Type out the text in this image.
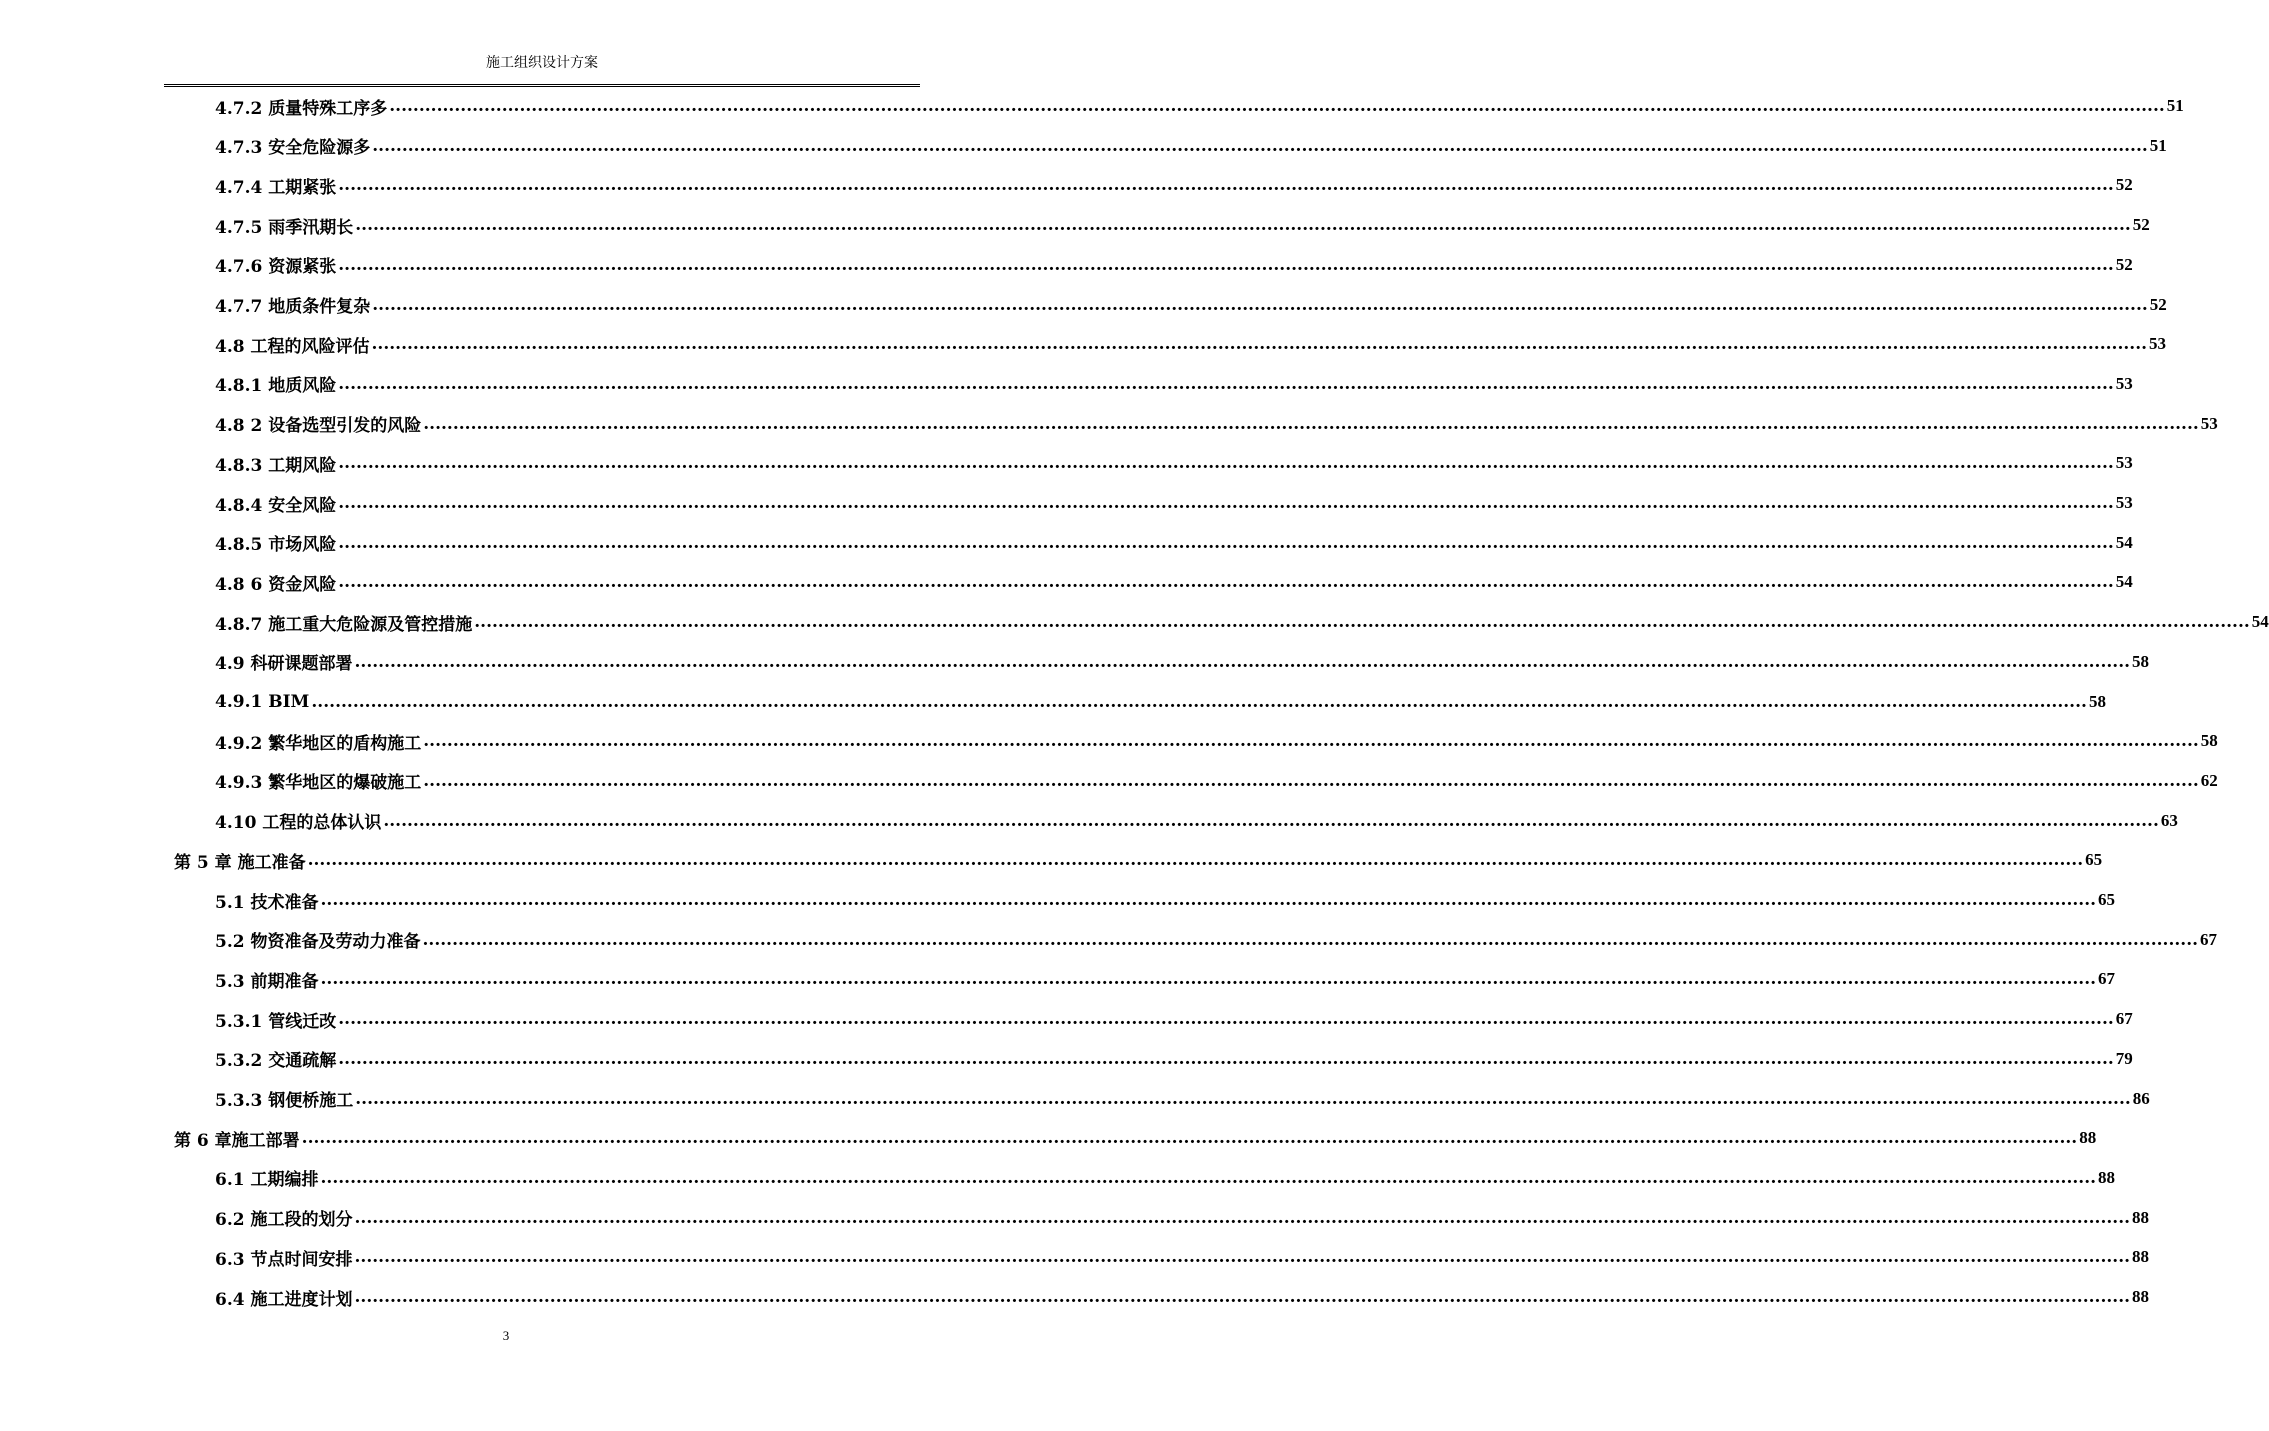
施工组织设计方案
4.7.2 质量特殊工序多 ............................................................................................................................................................................................................................................................................................................ 51
4.7.3 安全危险源多 ............................................................................................................................................................................................................................................................................................................ 51
4.7.4 工期紧张 ............................................................................................................................................................................................................................................................................................................ 52
4.7.5 雨季汛期长 ............................................................................................................................................................................................................................................................................................................ 52
4.7.6 资源紧张 ............................................................................................................................................................................................................................................................................................................ 52
4.7.7 地质条件复杂 ............................................................................................................................................................................................................................................................................................................ 52
4.8 工程的风险评估 ............................................................................................................................................................................................................................................................................................................ 53
4.8.1 地质风险 ............................................................................................................................................................................................................................................................................................................ 53
4.8 2 设备选型引发的风险 ............................................................................................................................................................................................................................................................................................................ 53
4.8.3 工期风险 ............................................................................................................................................................................................................................................................................................................ 53
4.8.4 安全风险 ............................................................................................................................................................................................................................................................................................................ 53
4.8.5 市场风险 ............................................................................................................................................................................................................................................................................................................ 54
4.8 6 资金风险 ............................................................................................................................................................................................................................................................................................................ 54
4.8.7 施工重大危险源及管控措施 ............................................................................................................................................................................................................................................................................................................ 54
4.9 科研课题部署 ............................................................................................................................................................................................................................................................................................................ 58
4.9.1 BIM ............................................................................................................................................................................................................................................................................................................ 58
4.9.2 繁华地区的盾构施工 ............................................................................................................................................................................................................................................................................................................ 58
4.9.3 繁华地区的爆破施工 ............................................................................................................................................................................................................................................................................................................ 62
4.10 工程的总体认识 ............................................................................................................................................................................................................................................................................................................ 63
第 5 章 施工准备 ............................................................................................................................................................................................................................................................................................................ 65
5.1 技术准备 ............................................................................................................................................................................................................................................................................................................ 65
5.2 物资准备及劳动力准备 ............................................................................................................................................................................................................................................................................................................ 67
5.3 前期准备 ............................................................................................................................................................................................................................................................................................................ 67
5.3.1 管线迁改 ............................................................................................................................................................................................................................................................................................................ 67
5.3.2 交通疏解 ............................................................................................................................................................................................................................................................................................................ 79
5.3.3 钢便桥施工 ............................................................................................................................................................................................................................................................................................................ 86
第 6 章施工部署 ............................................................................................................................................................................................................................................................................................................ 88
6.1 工期编排 ............................................................................................................................................................................................................................................................................................................ 88
6.2 施工段的划分 ............................................................................................................................................................................................................................................................................................................ 88
6.3 节点时间安排 ............................................................................................................................................................................................................................................................................................................ 88
6.4 施工进度计划 ............................................................................................................................................................................................................................................................................................................ 88
3
